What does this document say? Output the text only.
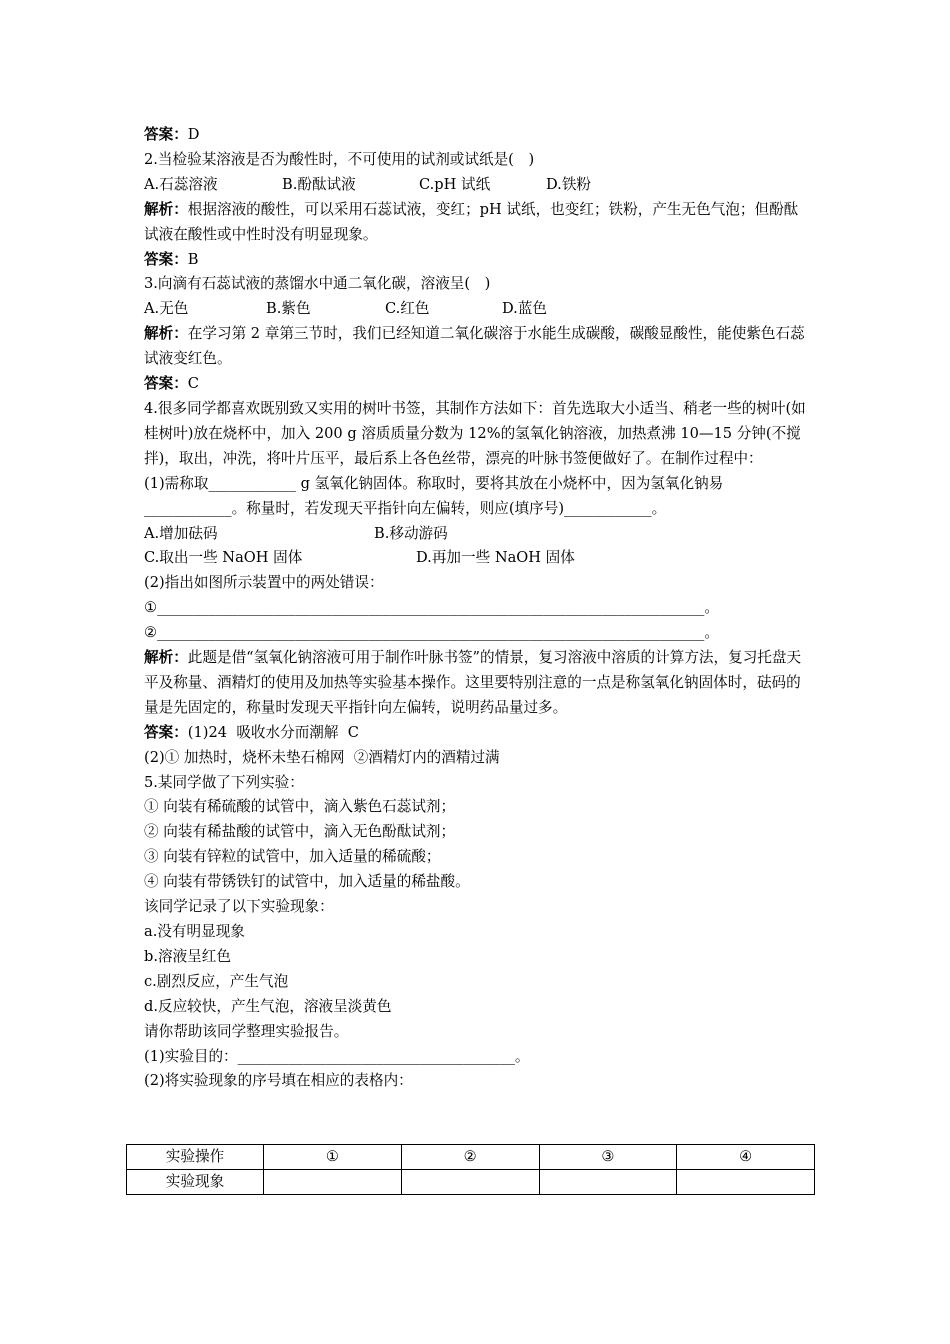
答案：D
2.当检验某溶液是否为酸性时，不可使用的试剂或试纸是(　)
A.石蕊溶液	B.酚酞试液	C.pH 试纸	D.铁粉
解析：根据溶液的酸性，可以采用石蕊试液，变红；pH 试纸，也变红；铁粉，产生无色气泡；但酚酞试液在酸性或中性时没有明显现象。
答案：B
3.向滴有石蕊试液的蒸馏水中通二氧化碳，溶液呈(　)
A.无色	B.紫色	C.红色	D.蓝色
解析：在学习第 2 章第三节时，我们已经知道二氧化碳溶于水能生成碳酸，碳酸显酸性，能使紫色石蕊试液变红色。
答案：C
4.很多同学都喜欢既别致又实用的树叶书签，其制作方法如下：首先选取大小适当、稍老一些的树叶(如桂树叶)放在烧杯中，加入 200 g 溶质质量分数为 12%的氢氧化钠溶液，加热煮沸 10—15 分钟(不搅拌)，取出，冲洗，将叶片压平，最后系上各色丝带，漂亮的叶脉书签便做好了。在制作过程中：
(1)需称取____________ g 氢氧化钠固体。称取时，要将其放在小烧杯中，因为氢氧化钠易____________。称量时，若发现天平指针向左偏转，则应(填序号)____________。
A.增加砝码	B.移动游码
C.取出一些 NaOH 固体	D.再加一些 NaOH 固体
(2)指出如图所示装置中的两处错误：
①___________________________________________________________________________。
②___________________________________________________________________________。
解析：此题是借“氢氧化钠溶液可用于制作叶脉书签”的情景，复习溶液中溶质的计算方法，复习托盘天平及称量、酒精灯的使用及加热等实验基本操作。这里要特别注意的一点是称氢氧化钠固体时，砝码的量是先固定的，称量时发现天平指针向左偏转，说明药品量过多。
答案：(1)24  吸收水分而潮解  C
(2)① 加热时，烧杯未垫石棉网  ②酒精灯内的酒精过满
5.某同学做了下列实验：
① 向装有稀硫酸的试管中，滴入紫色石蕊试剂；
② 向装有稀盐酸的试管中，滴入无色酚酞试剂；
③ 向装有锌粒的试管中，加入适量的稀硫酸；
④ 向装有带锈铁钉的试管中，加入适量的稀盐酸。
该同学记录了以下实验现象：
a.没有明显现象
b.溶液呈红色
c.剧烈反应，产生气泡
d.反应较快，产生气泡，溶液呈淡黄色
请你帮助该同学整理实验报告。
(1)实验目的：______________________________________。
(2)将实验现象的序号填在相应的表格内：
实验操作	①	②	③	④
实验现象				
